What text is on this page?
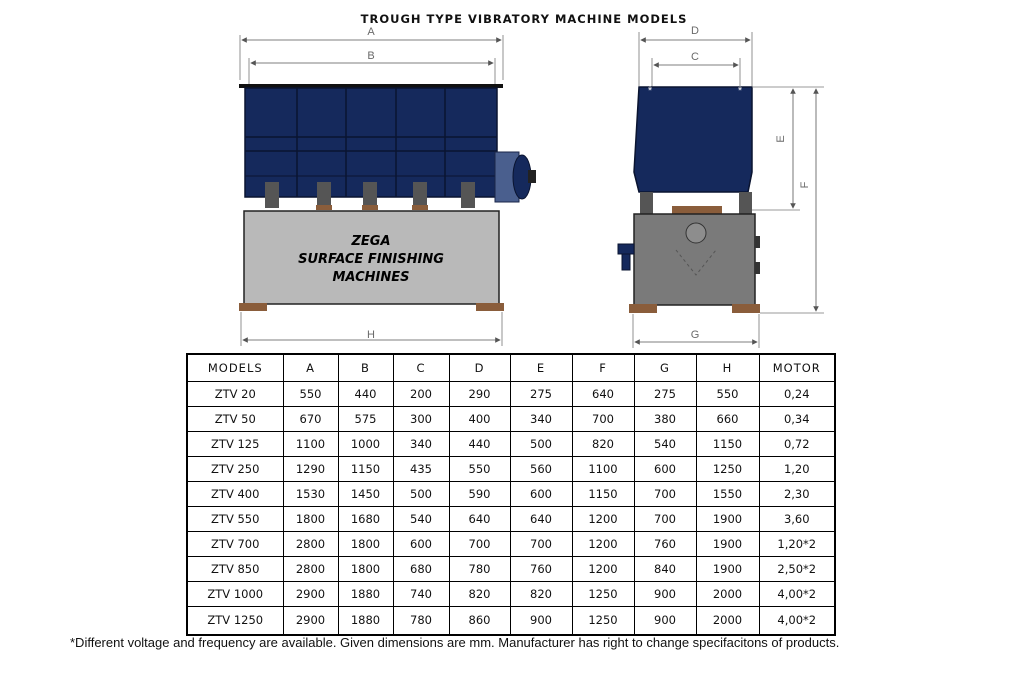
TROUGH TYPE VIBRATORY MACHINE MODELS
A
B
ZEGA
SURFACE FINISHING
MACHINES
H
D
C
*	*
E
F
G
MODELS	A	B	C	D	E	F	G	H	MOTOR
ZTV 20	550	440	200	290	275	640	275	550	0,24
ZTV 50	670	575	300	400	340	700	380	660	0,34
ZTV 125	1100	1000	340	440	500	820	540	1150	0,72
ZTV 250	1290	1150	435	550	560	1100	600	1250	1,20
ZTV 400	1530	1450	500	590	600	1150	700	1550	2,30
ZTV 550	1800	1680	540	640	640	1200	700	1900	3,60
ZTV 700	2800	1800	600	700	700	1200	760	1900	1,20*2
ZTV 850	2800	1800	680	780	760	1200	840	1900	2,50*2
ZTV 1000	2900	1880	740	820	820	1250	900	2000	4,00*2
ZTV 1250	2900	1880	780	860	900	1250	900	2000	4,00*2
*Different voltage and frequency are available. Given dimensions are mm. Manufacturer has right to change specifacitons of products.
